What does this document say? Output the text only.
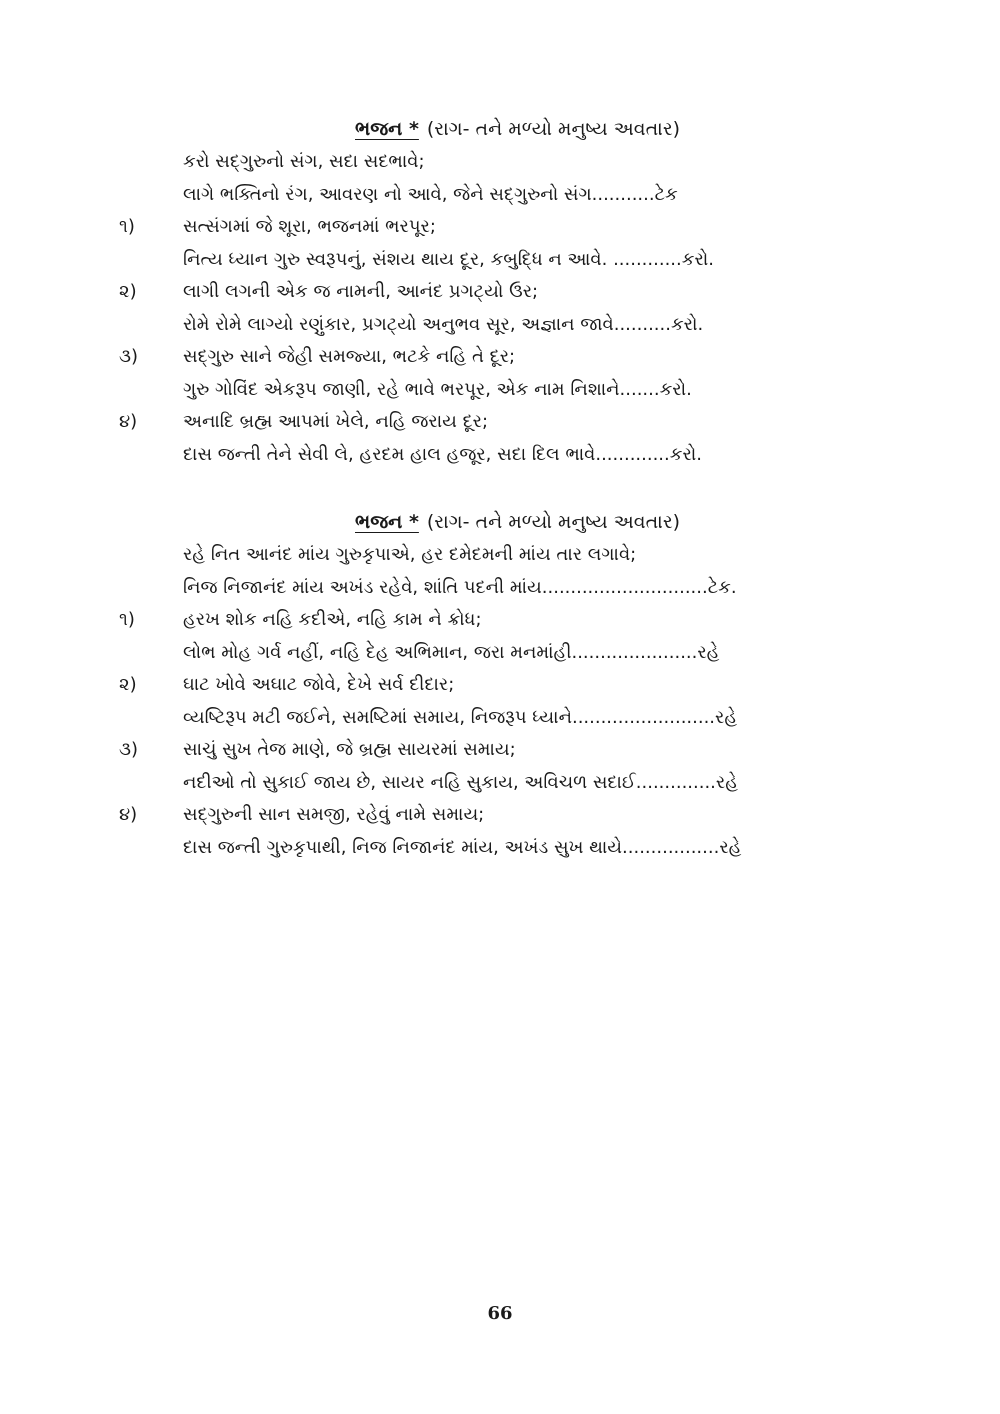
ભજન * (રાગ- તને મળ્યો મનુષ્ય અવતાર)
કરો સદ્‌ગુરુનો સંગ, સદા સદભાવે;
લાગે ભક્તિનો રંગ, આવરણ નો આવે, જેને સદ્‌ગુરુનો સંગ...........ટેક
૧)	સત્સંગમાં જે શૂરા, ભજનમાં ભરપૂર;
નિત્ય ધ્યાન ગુરુ સ્વરૂપનું, સંશય થાય દૂર, કબુદ્ધિ ન આવે. ............કરો.
૨)	લાગી લગની એક જ નામની, આનંદ પ્રગટ્યો ઉર;
રોમે રોમે લાગ્યો રણુંકાર, પ્રગટ્યો અનુભવ સૂર, અજ્ઞાન જાવે..........કરો.
૩)	સદ્‌ગુરુ સાને જેહી સમજ્યા, ભટકે નહિ તે દૂર;
ગુરુ ગોવિંદ એકરૂપ જાણી, રહે ભાવે ભરપૂર, એક નામ નિશાને.......કરો.
૪)	અનાદિ બ્રહ્મ આપમાં ખેલે, નહિ જરાય દૂર;
દાસ જન્તી તેને સેવી લે, હરદમ હાલ હજૂર, સદા દિલ ભાવે.............કરો.
ભજન * (રાગ- તને મળ્યો મનુષ્ય અવતાર)
રહે નિત આનંદ માંય ગુરુકૃપાએ, હર દમેદમની માંય તાર લગાવે;
નિજ નિજાનંદ માંય અખંડ રહેવે, શાંતિ પદની માંય.............................ટેક.
૧)	હરખ શોક નહિ કદીએ, નહિ કામ ને ક્રોધ;
લોભ મોહ ગર્વ નહીં, નહિ દેહ અભિમાન, જરા મનમાંહી......................રહે
૨)	ઘાટ ખોવે અઘાટ જોવે, દેખે સર્વ દીદાર;
વ્યષ્ટિરૂપ મટી જઈને, સમષ્ટિમાં સમાય, નિજરૂપ ધ્યાને.........................રહે
૩)	સાચું સુખ તેજ માણે, જે બ્રહ્મ સાયરમાં સમાય;
નદીઓ તો સુકાઈ જાય છે, સાયર નહિ સુકાય, અવિચળ સદાઈ..............રહે
૪)	સદ્‌ગુરુની સાન સમજી, રહેવું નામે સમાય;
દાસ જન્તી ગુરુકૃપાથી, નિજ નિજાનંદ માંય, અખંડ સુખ થાયે.................રહે
66
